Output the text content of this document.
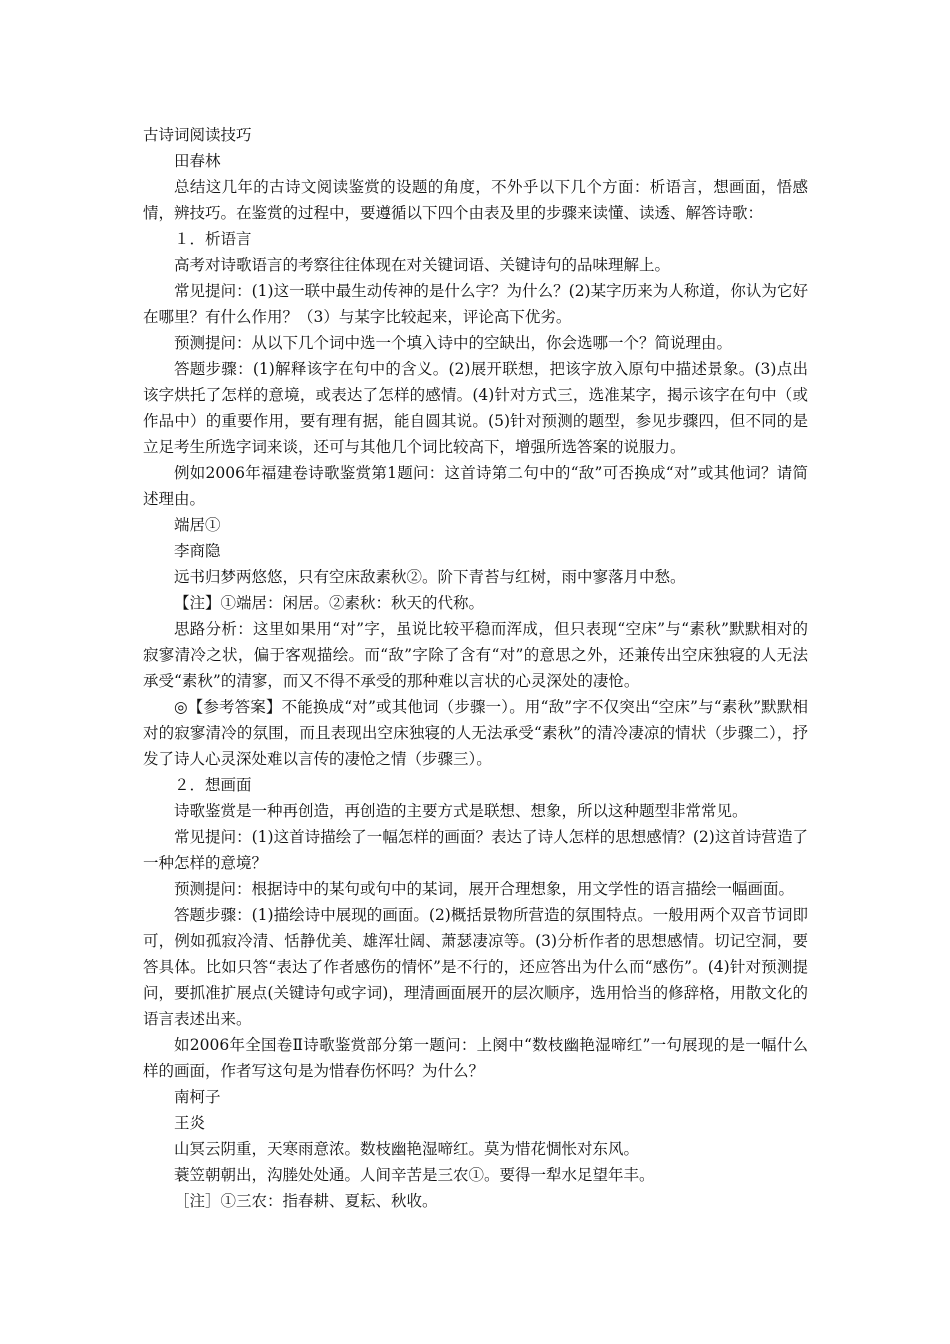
古诗词阅读技巧

田春林

总结这几年的古诗文阅读鉴赏的设题的角度，不外乎以下几个方面：析语言，想画面，悟感情，辨技巧。在鉴赏的过程中，要遵循以下四个由表及里的步骤来读懂、读透、解答诗歌：

１．析语言

高考对诗歌语言的考察往往体现在对关键词语、关键诗句的品味理解上。

常见提问：(1)这一联中最生动传神的是什么字？为什么？(2)某字历来为人称道，你认为它好在哪里？有什么作用？（3）与某字比较起来，评论高下优劣。

预测提问：从以下几个词中选一个填入诗中的空缺出，你会选哪一个？简说理由。

答题步骤：(1)解释该字在句中的含义。(2)展开联想，把该字放入原句中描述景象。(3)点出该字烘托了怎样的意境，或表达了怎样的感情。(4)针对方式三，选准某字，揭示该字在句中（或作品中）的重要作用，要有理有据，能自圆其说。(5)针对预测的题型，参见步骤四，但不同的是立足考生所选字词来谈，还可与其他几个词比较高下，增强所选答案的说服力。

例如2006年福建卷诗歌鉴赏第1题问：这首诗第二句中的“敌”可否换成“对”或其他词？请简述理由。

端居①

李商隐

远书归梦两悠悠，只有空床敌素秋②。阶下青苔与红树，雨中寥落月中愁。

【注】①端居：闲居。②素秋：秋天的代称。

思路分析：这里如果用“对”字，虽说比较平稳而浑成，但只表现“空床”与“素秋”默默相对的寂寥清冷之状，偏于客观描绘。而“敌”字除了含有“对”的意思之外，还兼传出空床独寝的人无法承受“素秋”的清寥，而又不得不承受的那种难以言状的心灵深处的凄怆。

◎【参考答案】不能换成“对”或其他词（步骤一）。用“敌”字不仅突出“空床”与“素秋”默默相对的寂寥清冷的氛围，而且表现出空床独寝的人无法承受“素秋”的清冷凄凉的情状（步骤二），抒发了诗人心灵深处难以言传的凄怆之情（步骤三）。

２．想画面

诗歌鉴赏是一种再创造，再创造的主要方式是联想、想象，所以这种题型非常常见。

常见提问：(1)这首诗描绘了一幅怎样的画面？表达了诗人怎样的思想感情？(2)这首诗营造了一种怎样的意境？

预测提问：根据诗中的某句或句中的某词，展开合理想象，用文学性的语言描绘一幅画面。

答题步骤：(1)描绘诗中展现的画面。(2)概括景物所营造的氛围特点。一般用两个双音节词即可，例如孤寂冷清、恬静优美、雄浑壮阔、萧瑟凄凉等。(3)分析作者的思想感情。切记空洞，要答具体。比如只答“表达了作者感伤的情怀”是不行的，还应答出为什么而“感伤”。(4)针对预测提问，要抓准扩展点(关键诗句或字词)，理清画面展开的层次顺序，选用恰当的修辞格，用散文化的语言表述出来。

如2006年全国卷Ⅱ诗歌鉴赏部分第一题问：上阕中“数枝幽艳湿啼红”一句展现的是一幅什么样的画面，作者写这句是为惜春伤怀吗？为什么？

南柯子

王炎

山冥云阴重，天寒雨意浓。数枝幽艳湿啼红。莫为惜花惆怅对东风。

蓑笠朝朝出，沟塍处处通。人间辛苦是三农①。要得一犁水足望年丰。

［注］①三农：指春耕、夏耘、秋收。
